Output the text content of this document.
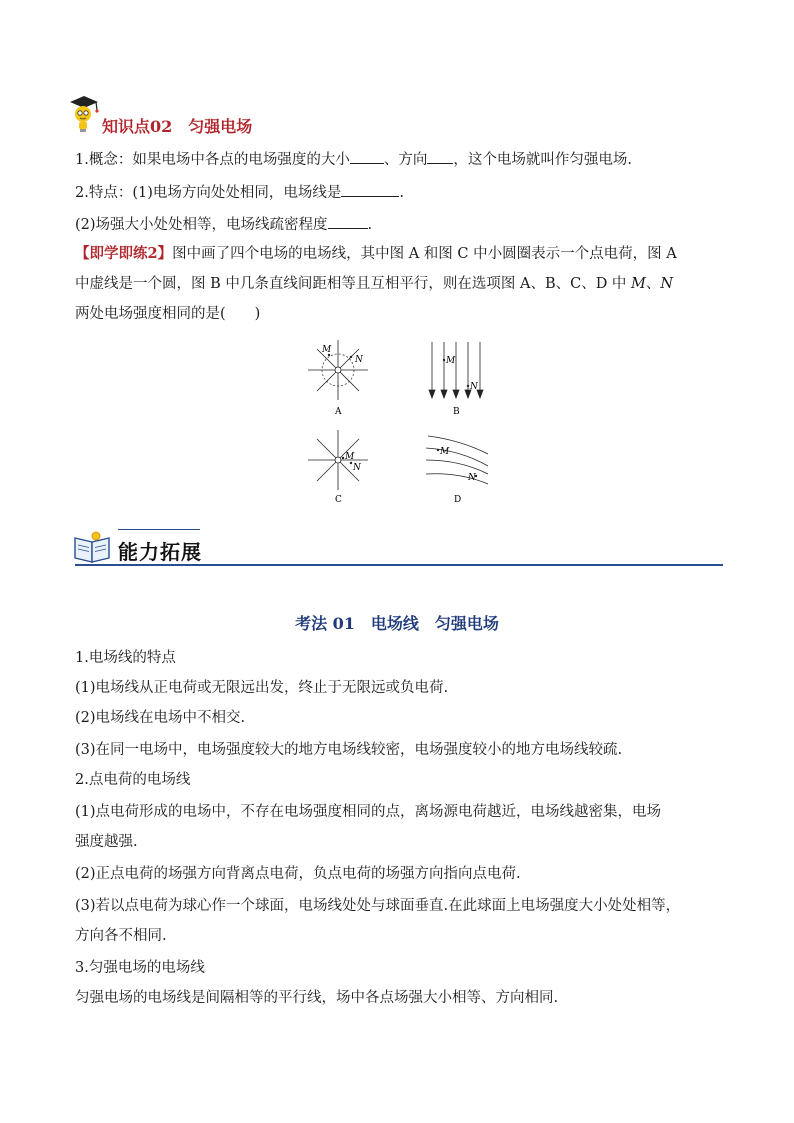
知识点02 匀强电场
1.概念：如果电场中各点的电场强度的大小 、方向 ，这个电场就叫作匀强电场.
2.特点：(1)电场方向处处相同，电场线是	.
(2)场强大小处处相等，电场线疏密程度	.
【即学即练2】图中画了四个电场的电场线，其中图 A 和图 C 中小圆圈表示一个点电荷，图 A
中虚线是一个圆，图 B 中几条直线间距相等且互相平行，则在选项图 A、B、C、D 中 M、N
两处电场强度相同的是(　　)
M
N
A
M
N
B
M
N
C
M
N
D
能力拓展
考法 01 电场线 匀强电场
1.电场线的特点
(1)电场线从正电荷或无限远出发，终止于无限远或负电荷.
(2)电场线在电场中不相交.
(3)在同一电场中，电场强度较大的地方电场线较密，电场强度较小的地方电场线较疏.
2.点电荷的电场线
(1)点电荷形成的电场中，不存在电场强度相同的点，离场源电荷越近，电场线越密集，电场
强度越强.
(2)正点电荷的场强方向背离点电荷，负点电荷的场强方向指向点电荷.
(3)若以点电荷为球心作一个球面，电场线处处与球面垂直.在此球面上电场强度大小处处相等，
方向各不相同.
3.匀强电场的电场线
匀强电场的电场线是间隔相等的平行线，场中各点场强大小相等、方向相同.
